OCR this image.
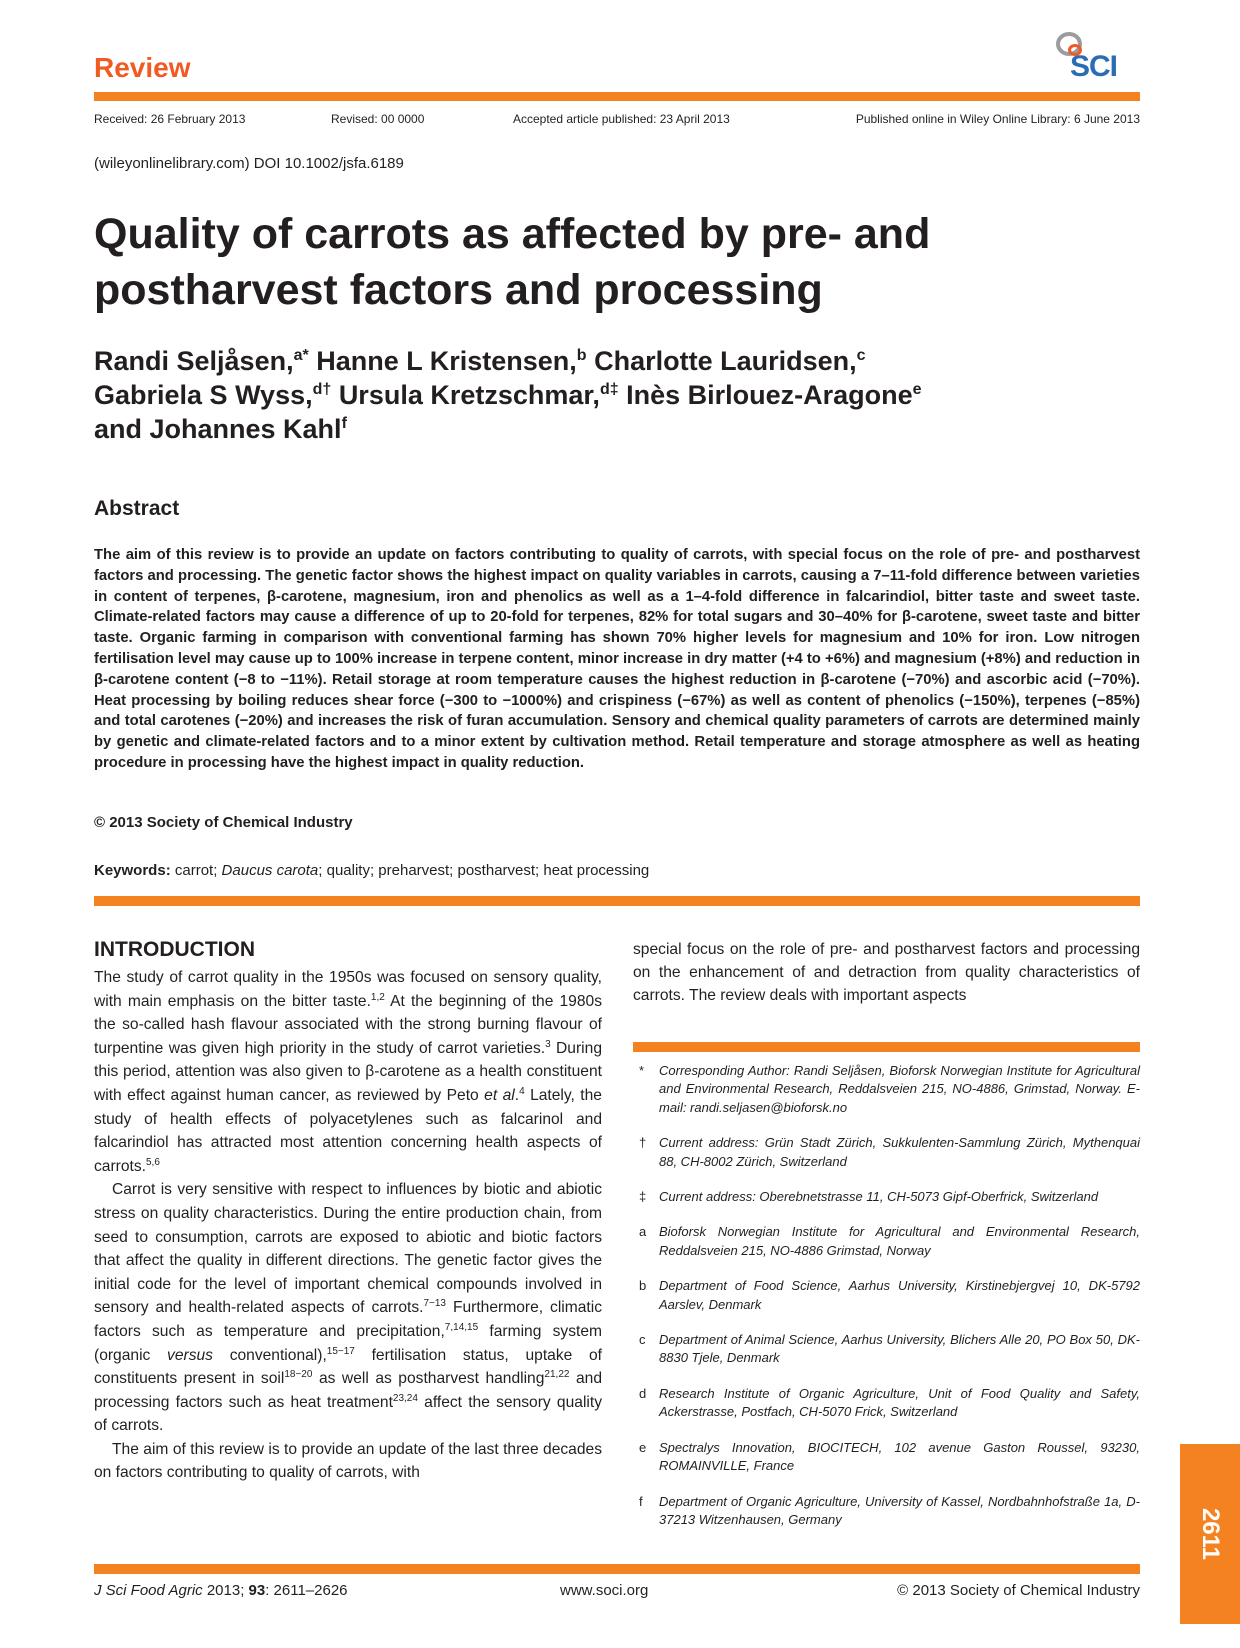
Review	SCI
Received: 26 February 2013	Revised: 00 0000	Accepted article published: 23 April 2013	Published online in Wiley Online Library: 6 June 2013
(wileyonlinelibrary.com) DOI 10.1002/jsfa.6189
Quality of carrots as affected by pre- and
postharvest factors and processing
Randi Seljåsen,$^{a*}$ Hanne L Kristensen,$^b$ Charlotte Lauridsen,$^c$
Gabriela S Wyss,$^{d\dagger}$ Ursula Kretzschmar,$^{d\ddagger}$ Inès Birlouez-Aragone$^e$
and Johannes Kahl$^f$
Abstract
The aim of this review is to provide an update on factors contributing to quality of carrots, with special focus on the role of pre- and postharvest factors and processing. The genetic factor shows the highest impact on quality variables in carrots, causing a 7–11-fold difference between varieties in content of terpenes, β-carotene, magnesium, iron and phenolics as well as a 1–4-fold difference in falcarindiol, bitter taste and sweet taste. Climate-related factors may cause a difference of up to 20-fold for terpenes, 82% for total sugars and 30–40% for β-carotene, sweet taste and bitter taste. Organic farming in comparison with conventional farming has shown 70% higher levels for magnesium and 10% for iron. Low nitrogen fertilisation level may cause up to 100% increase in terpene content, minor increase in dry matter (+4 to +6%) and magnesium (+8%) and reduction in β-carotene content (−8 to −11%). Retail storage at room temperature causes the highest reduction in β-carotene (−70%) and ascorbic acid (−70%). Heat processing by boiling reduces shear force (−300 to −1000%) and crispiness (−67%) as well as content of phenolics (−150%), terpenes (−85%) and total carotenes (−20%) and increases the risk of furan accumulation. Sensory and chemical quality parameters of carrots are determined mainly by genetic and climate-related factors and to a minor extent by cultivation method. Retail temperature and storage atmosphere as well as heating procedure in processing have the highest impact in quality reduction.
© 2013 Society of Chemical Industry
Keywords: carrot; Daucus carota; quality; preharvest; postharvest; heat processing
INTRODUCTION

The study of carrot quality in the 1950s was focused on sensory quality, with main emphasis on the bitter taste.$^{1,2}$ At the beginning of the 1980s the so-called hash flavour associated with the strong burning flavour of turpentine was given high priority in the study of carrot varieties.$^3$ During this period, attention was also given to β-carotene as a health constituent with effect against human cancer, as reviewed by Peto et al.$^4$ Lately, the study of health effects of polyacetylenes such as falcarinol and falcarindiol has attracted most attention concerning health aspects of carrots.$^{5,6}$

Carrot is very sensitive with respect to influences by biotic and abiotic stress on quality characteristics. During the entire production chain, from seed to consumption, carrots are exposed to abiotic and biotic factors that affect the quality in different directions. The genetic factor gives the initial code for the level of important chemical compounds involved in sensory and health-related aspects of carrots.$^{7-13}$ Furthermore, climatic factors such as temperature and precipitation,$^{7,14,15}$ farming system (organic versus conventional),$^{15-17}$ fertilisation status, uptake of constituents present in soil$^{18-20}$ as well as postharvest handling$^{21,22}$ and processing factors such as heat treatment$^{23,24}$ affect the sensory quality of carrots.

The aim of this review is to provide an update of the last three decades on factors contributing to quality of carrots, with

special focus on the role of pre- and postharvest factors and processing on the enhancement of and detraction from quality characteristics of carrots. The review deals with important aspects
* Corresponding Author: Randi Seljåsen, Bioforsk Norwegian Institute for Agricultural and Environmental Research, Reddalsveien 215, NO-4886, Grimstad, Norway. E-mail: randi.seljasen@bioforsk.no
† Current address: Grün Stadt Zürich, Sukkulenten-Sammlung Zürich, Mythenquai 88, CH-8002 Zürich, Switzerland
‡ Current address: Oberebnetstrasse 11, CH-5073 Gipf-Oberfrick, Switzerland
a Bioforsk Norwegian Institute for Agricultural and Environmental Research, Reddalsveien 215, NO-4886 Grimstad, Norway
b Department of Food Science, Aarhus University, Kirstinebjergvej 10, DK-5792 Aarslev, Denmark
c Department of Animal Science, Aarhus University, Blichers Alle 20, PO Box 50, DK-8830 Tjele, Denmark
d Research Institute of Organic Agriculture, Unit of Food Quality and Safety, Ackerstrasse, Postfach, CH-5070 Frick, Switzerland
e Spectralys Innovation, BIOCITECH, 102 avenue Gaston Roussel, 93230, ROMAINVILLE, France
f Department of Organic Agriculture, University of Kassel, Nordbahnhofstraße 1a, D-37213 Witzenhausen, Germany
J Sci Food Agric 2013; 93: 2611–2626	www.soci.org	© 2013 Society of Chemical Industry
2611
